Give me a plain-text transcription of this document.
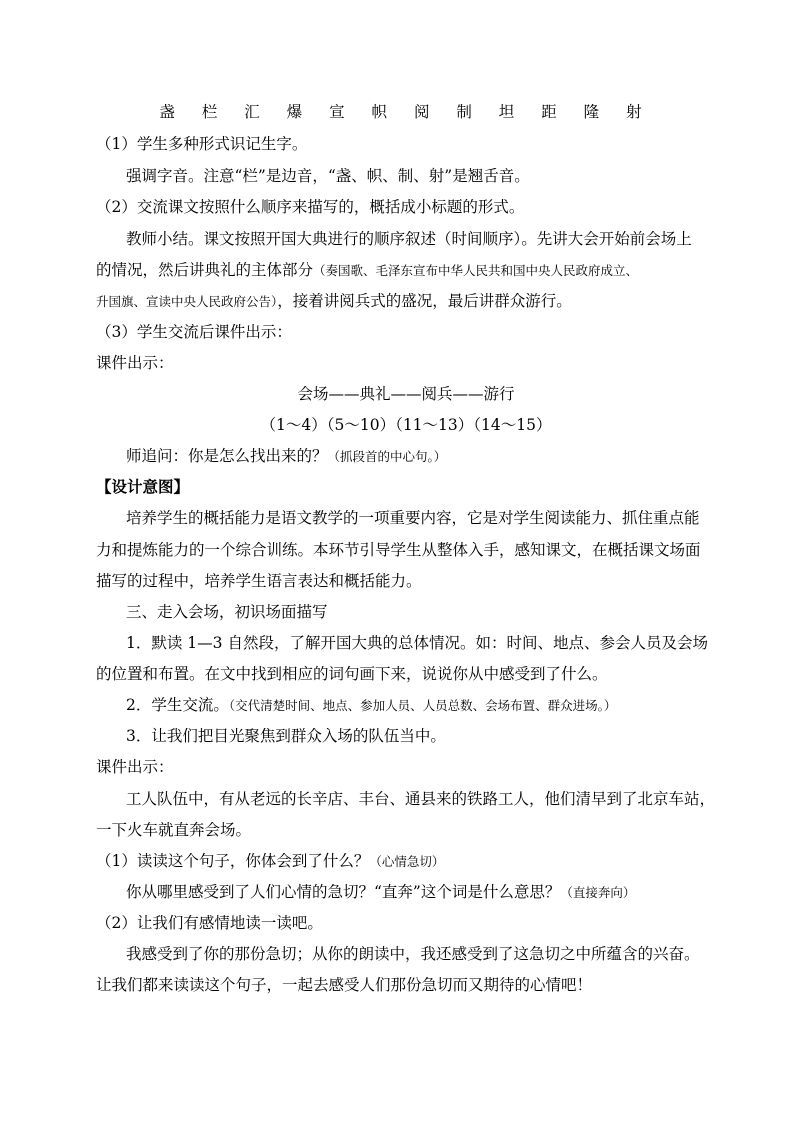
盏 栏 汇 爆 宣 帜 阅 制 坦 距 隆 射
（1）学生多种形式识记生字。
强调字音。注意“栏”是边音，“盏、帜、制、射”是翘舌音。
（2）交流课文按照什么顺序来描写的，概括成小标题的形式。
教师小结。课文按照开国大典进行的顺序叙述（时间顺序）。先讲大会开始前会场上
的情况，然后讲典礼的主体部分（奏国歌、毛泽东宣布中华人民共和国中央人民政府成立、
升国旗、宣读中央人民政府公告），接着讲阅兵式的盛况，最后讲群众游行。
（3）学生交流后课件出示：
课件出示：
会场——典礼——阅兵——游行
（1～4）（5～10）（11～13）（14～15）
师追问：你是怎么找出来的？（抓段首的中心句。）
【设计意图】
培养学生的概括能力是语文教学的一项重要内容，它是对学生阅读能力、抓住重点能
力和提炼能力的一个综合训练。本环节引导学生从整体入手，感知课文，在概括课文场面
描写的过程中，培养学生语言表达和概括能力。
三、走入会场，初识场面描写
1．默读 1—3 自然段，了解开国大典的总体情况。如：时间、地点、参会人员及会场
的位置和布置。在文中找到相应的词句画下来，说说你从中感受到了什么。
2．学生交流。（交代清楚时间、地点、参加人员、人员总数、会场布置、群众进场。）
3．让我们把目光聚焦到群众入场的队伍当中。
课件出示：
工人队伍中，有从老远的长辛店、丰台、通县来的铁路工人，他们清早到了北京车站，
一下火车就直奔会场。
（1）读读这个句子，你体会到了什么？（心情急切）
你从哪里感受到了人们心情的急切？“直奔”这个词是什么意思？（直接奔向）
（2）让我们有感情地读一读吧。
我感受到了你的那份急切；从你的朗读中，我还感受到了这急切之中所蕴含的兴奋。
让我们都来读读这个句子，一起去感受人们那份急切而又期待的心情吧！
